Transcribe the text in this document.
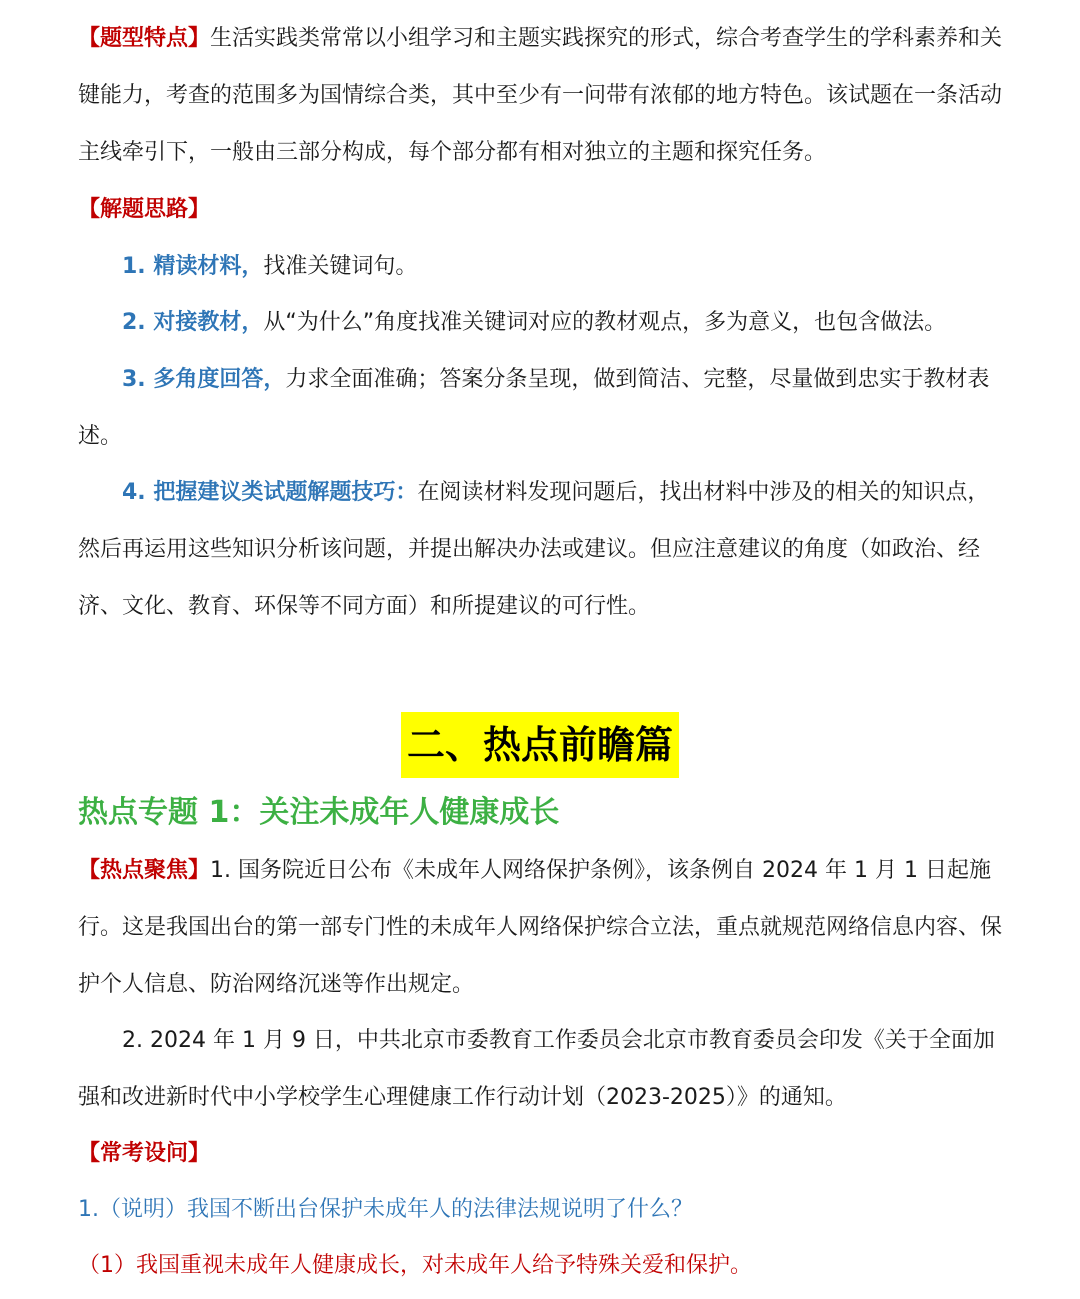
【题型特点】生活实践类常常以小组学习和主题实践探究的形式，综合考查学生的学科素养和关键能力，考查的范围多为国情综合类，其中至少有一问带有浓郁的地方特色。该试题在一条活动主线牵引下，一般由三部分构成，每个部分都有相对独立的主题和探究任务。

【解题思路】

1. 精读材料，找准关键词句。

2. 对接教材，从“为什么”角度找准关键词对应的教材观点，多为意义，也包含做法。

3. 多角度回答，力求全面准确；答案分条呈现，做到简洁、完整，尽量做到忠实于教材表述。

4. 把握建议类试题解题技巧：在阅读材料发现问题后，找出材料中涉及的相关的知识点，然后再运用这些知识分析该问题，并提出解决办法或建议。但应注意建议的角度（如政治、经济、文化、教育、环保等不同方面）和所提建议的可行性。

二、热点前瞻篇

热点专题 1：关注未成年人健康成长

【热点聚焦】1. 国务院近日公布《未成年人网络保护条例》，该条例自 2024 年 1 月 1 日起施行。这是我国出台的第一部专门性的未成年人网络保护综合立法，重点就规范网络信息内容、保护个人信息、防治网络沉迷等作出规定。

2. 2024 年 1 月 9 日，中共北京市委教育工作委员会北京市教育委员会印发《关于全面加强和改进新时代中小学校学生心理健康工作行动计划（2023-2025）》的通知。

【常考设问】

1.（说明）我国不断出台保护未成年人的法律法规说明了什么？

（1）我国重视未成年人健康成长，对未成年人给予特殊关爱和保护。
